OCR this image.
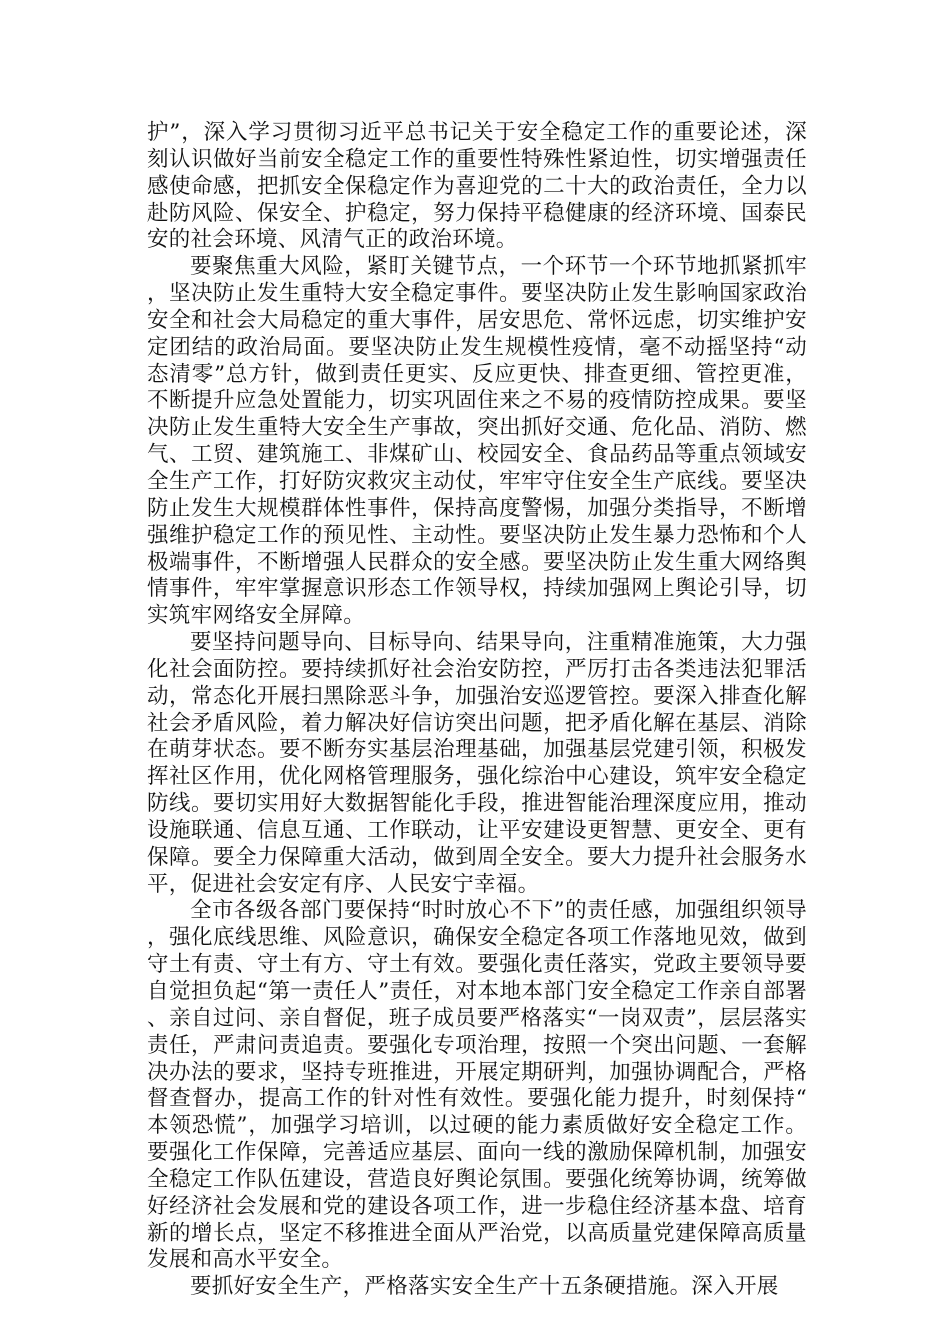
护”，深入学习贯彻习近平总书记关于安全稳定工作的重要论述，深刻认识做好当前安全稳定工作的重要性特殊性紧迫性，切实增强责任感使命感，把抓安全保稳定作为喜迎党的二十大的政治责任，全力以赴防风险、保安全、护稳定，努力保持平稳健康的经济环境、国泰民安的社会环境、风清气正的政治环境。

要聚焦重大风险，紧盯关键节点，一个环节一个环节地抓紧抓牢，坚决防止发生重特大安全稳定事件。要坚决防止发生影响国家政治安全和社会大局稳定的重大事件，居安思危、常怀远虑，切实维护安定团结的政治局面。要坚决防止发生规模性疫情，毫不动摇坚持“动态清零”总方针，做到责任更实、反应更快、排查更细、管控更准，不断提升应急处置能力，切实巩固住来之不易的疫情防控成果。要坚决防止发生重特大安全生产事故，突出抓好交通、危化品、消防、燃气、工贸、建筑施工、非煤矿山、校园安全、食品药品等重点领域安全生产工作，打好防灾救灾主动仗，牢牢守住安全生产底线。要坚决防止发生大规模群体性事件，保持高度警惕，加强分类指导，不断增强维护稳定工作的预见性、主动性。要坚决防止发生暴力恐怖和个人极端事件，不断增强人民群众的安全感。要坚决防止发生重大网络舆情事件，牢牢掌握意识形态工作领导权，持续加强网上舆论引导，切实筑牢网络安全屏障。

要坚持问题导向、目标导向、结果导向，注重精准施策，大力强化社会面防控。要持续抓好社会治安防控，严厉打击各类违法犯罪活动，常态化开展扫黑除恶斗争，加强治安巡逻管控。要深入排查化解社会矛盾风险，着力解决好信访突出问题，把矛盾化解在基层、消除在萌芽状态。要不断夯实基层治理基础，加强基层党建引领，积极发挥社区作用，优化网格管理服务，强化综治中心建设，筑牢安全稳定防线。要切实用好大数据智能化手段，推进智能治理深度应用，推动设施联通、信息互通、工作联动，让平安建设更智慧、更安全、更有保障。要全力保障重大活动，做到周全安全。要大力提升社会服务水平，促进社会安定有序、人民安宁幸福。

全市各级各部门要保持“时时放心不下”的责任感，加强组织领导，强化底线思维、风险意识，确保安全稳定各项工作落地见效，做到守土有责、守土有方、守土有效。要强化责任落实，党政主要领导要自觉担负起“第一责任人”责任，对本地本部门安全稳定工作亲自部署、亲自过问、亲自督促，班子成员要严格落实“一岗双责”，层层落实责任，严肃问责追责。要强化专项治理，按照一个突出问题、一套解决办法的要求，坚持专班推进，开展定期研判，加强协调配合，严格督查督办，提高工作的针对性有效性。要强化能力提升，时刻保持“本领恐慌”，加强学习培训，以过硬的能力素质做好安全稳定工作。要强化工作保障，完善适应基层、面向一线的激励保障机制，加强安全稳定工作队伍建设，营造良好舆论氛围。要强化统筹协调，统筹做好经济社会发展和党的建设各项工作，进一步稳住经济基本盘、培育新的增长点，坚定不移推进全面从严治党，以高质量党建保障高质量发展和高水平安全。

要抓好安全生产，严格落实安全生产十五条硬措施。深入开展
